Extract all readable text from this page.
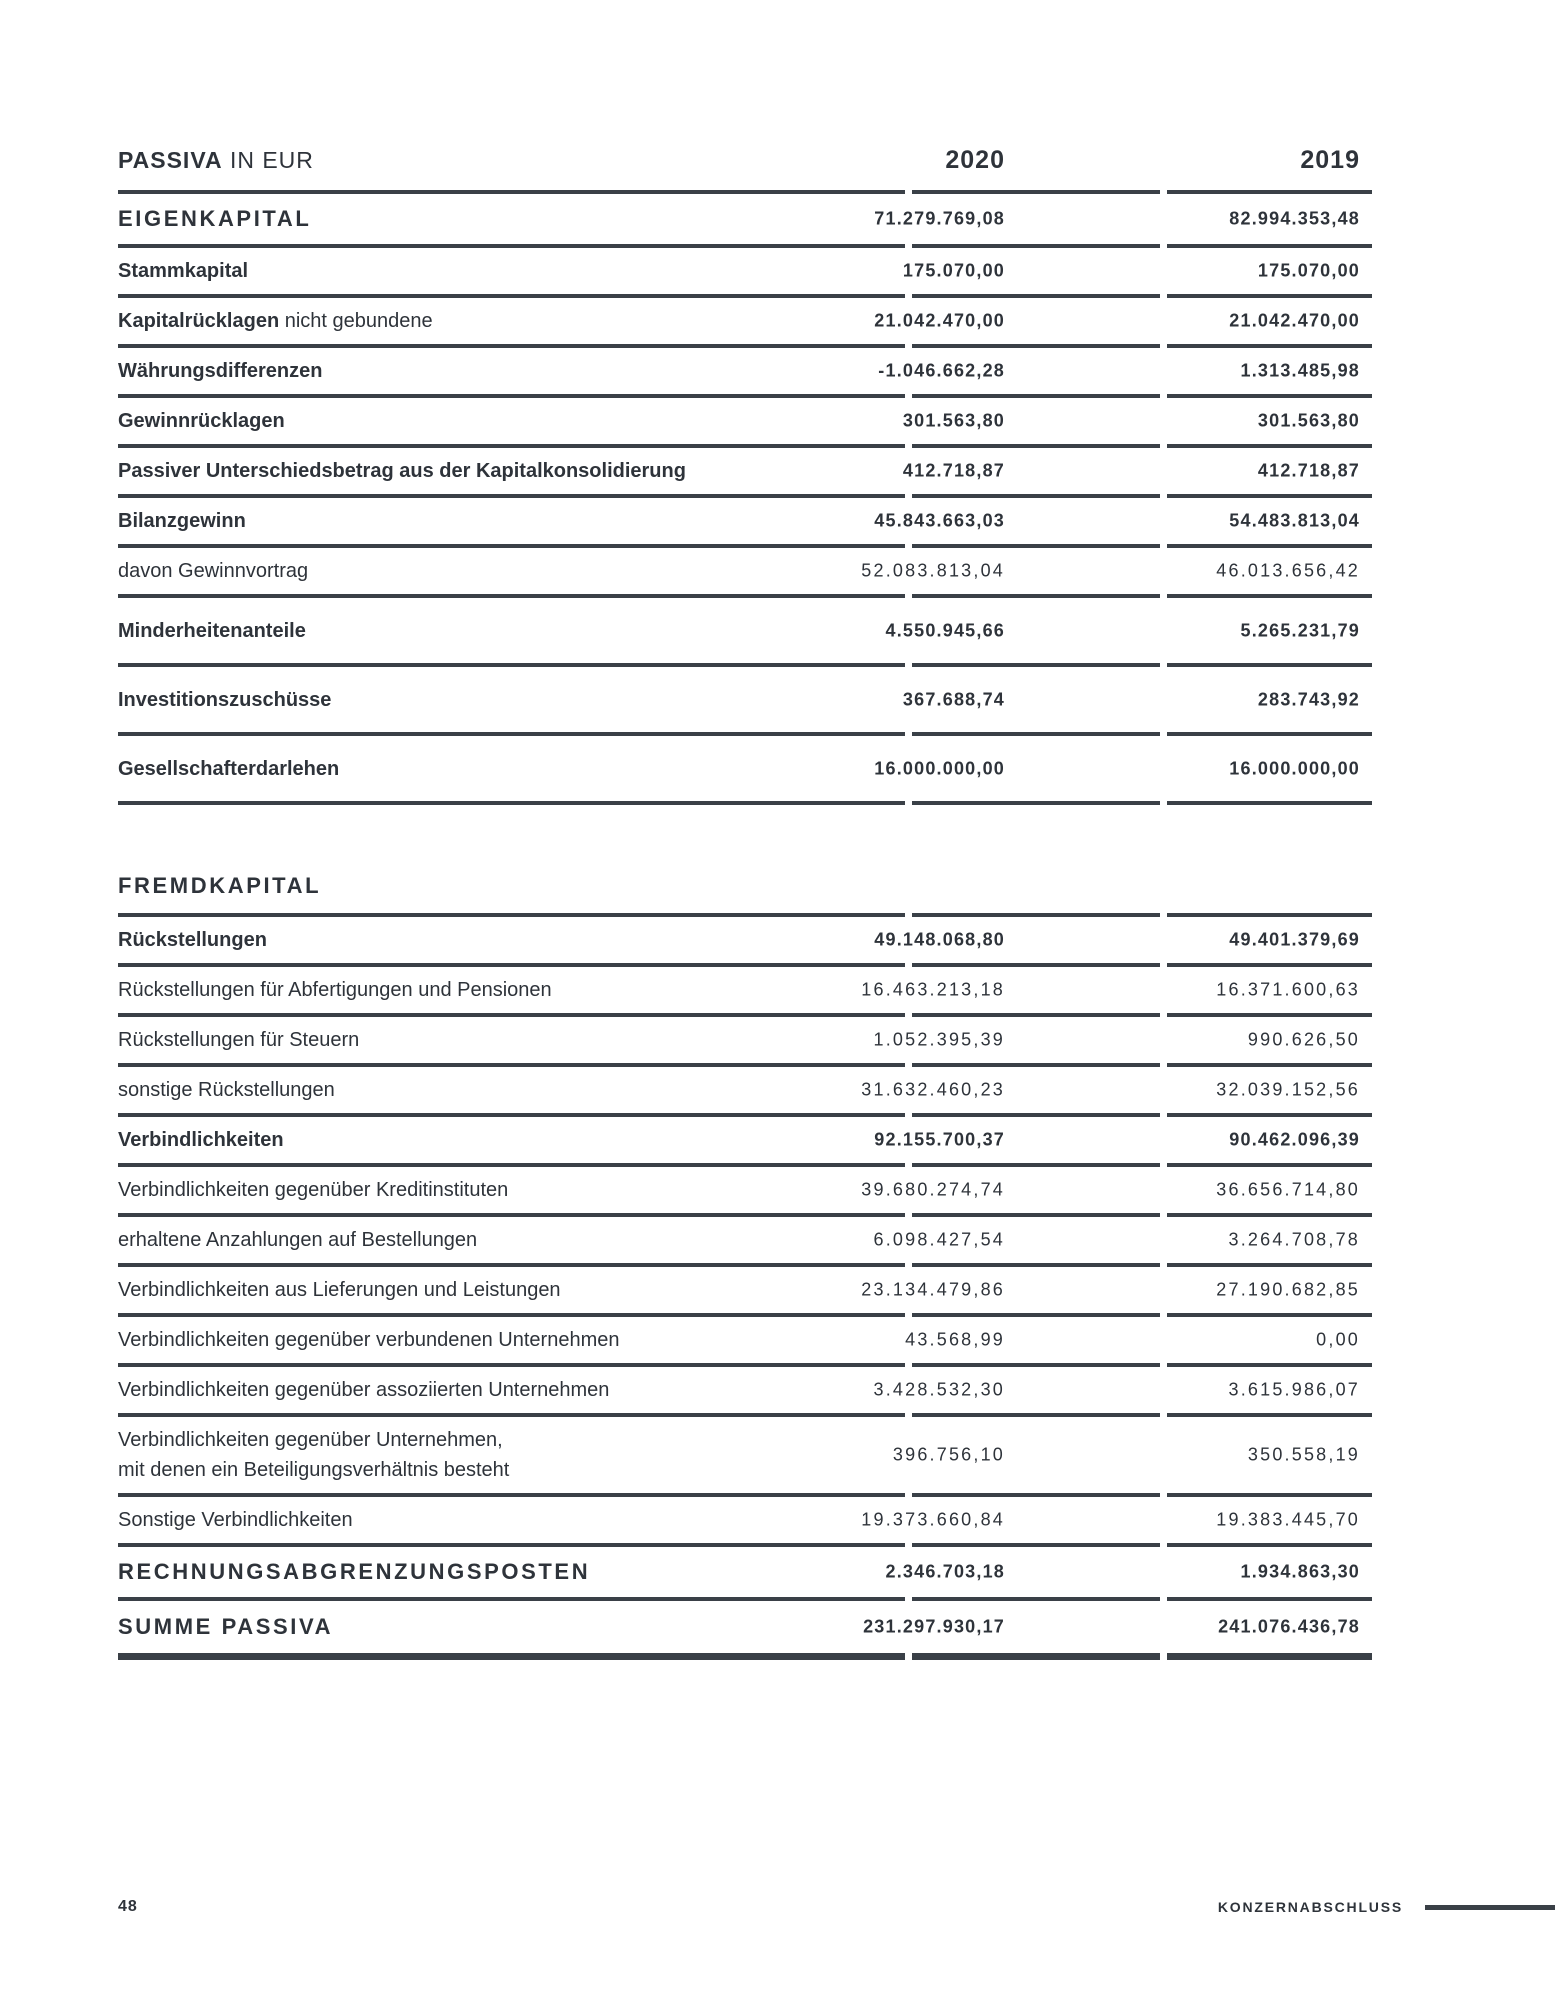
PASSIVA IN EUR	2020	2019
EIGENKAPITAL	71.279.769,08	82.994.353,48
Stammkapital	175.070,00	175.070,00
Kapitalrücklagen nicht gebundene	21.042.470,00	21.042.470,00
Währungsdifferenzen	-1.046.662,28	1.313.485,98
Gewinnrücklagen	301.563,80	301.563,80
Passiver Unterschiedsbetrag aus der Kapitalkonsolidierung	412.718,87	412.718,87
Bilanzgewinn	45.843.663,03	54.483.813,04
davon Gewinnvortrag	52.083.813,04	46.013.656,42
Minderheitenanteile	4.550.945,66	5.265.231,79
Investitionszuschüsse	367.688,74	283.743,92
Gesellschafterdarlehen	16.000.000,00	16.000.000,00
FREMDKAPITAL
Rückstellungen	49.148.068,80	49.401.379,69
Rückstellungen für Abfertigungen und Pensionen	16.463.213,18	16.371.600,63
Rückstellungen für Steuern	1.052.395,39	990.626,50
sonstige Rückstellungen	31.632.460,23	32.039.152,56
Verbindlichkeiten	92.155.700,37	90.462.096,39
Verbindlichkeiten gegenüber Kreditinstituten	39.680.274,74	36.656.714,80
erhaltene Anzahlungen auf Bestellungen	6.098.427,54	3.264.708,78
Verbindlichkeiten aus Lieferungen und Leistungen	23.134.479,86	27.190.682,85
Verbindlichkeiten gegenüber verbundenen Unternehmen	43.568,99	0,00
Verbindlichkeiten gegenüber assoziierten Unternehmen	3.428.532,30	3.615.986,07
Verbindlichkeiten gegenüber Unternehmen,
mit denen ein Beteiligungsverhältnis besteht
396.756,10	350.558,19
Sonstige Verbindlichkeiten	19.373.660,84	19.383.445,70
RECHNUNGSABGRENZUNGSPOSTEN	2.346.703,18	1.934.863,30
SUMME PASSIVA	231.297.930,17	241.076.436,78
48	KONZERNABSCHLUSS
